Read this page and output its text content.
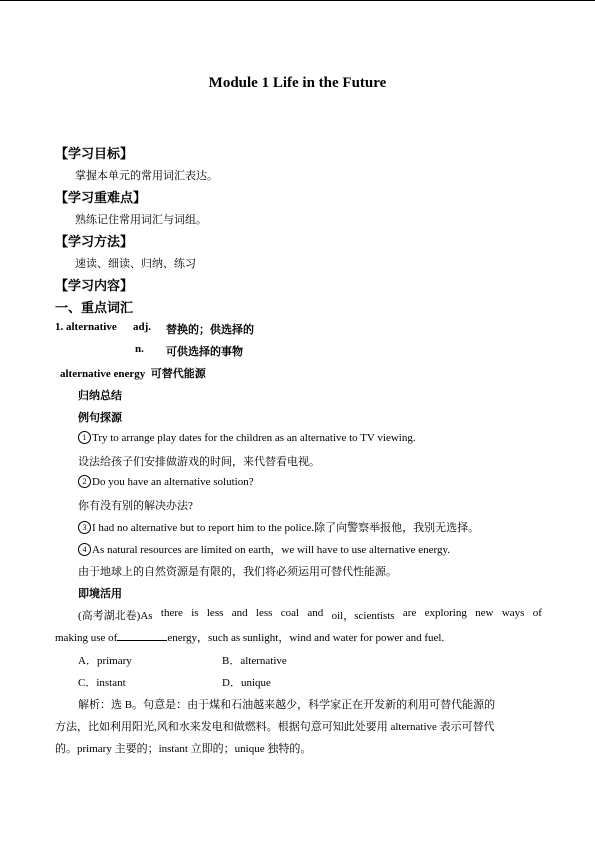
Module 1 Life in the Future
【学习目标】
掌握本单元的常用词汇表达。
【学习重难点】
熟练记住常用词汇与词组。
【学习方法】
速读、细读、归纳、练习
【学习内容】
一、重点词汇
1. alternative adj. 替换的；供选择的
n. 可供选择的事物
alternative energy 可替代能源
归纳总结
例句探源
1 Try to arrange play dates for the children as an alternative to TV viewing.
设法给孩子们安排做游戏的时间，来代替看电视。
2 Do you have an alternative solution?
你有没有别的解决办法?
3 I had no alternative but to report him to the police.除了向警察举报他，我别无选择。
4 As natural resources are limited on earth，we will have to use alternative energy.
由于地球上的自然资源是有限的，我们将必须运用可替代性能源。
即境活用
(高考湖北卷)As there is less and less coal and oil，scientists are exploring new ways of
making use of	energy，such as sunlight，wind and water for power and fuel.
A．primary	B．alternative
C．instant	D．unique
解析：选 B。句意是：由于煤和石油越来越少，科学家正在开发新的利用可替代能源的
方法，比如利用阳光,风和水来发电和做燃料。根据句意可知此处要用 alternative 表示可替代
的。primary 主要的；instant 立即的；unique 独特的。
